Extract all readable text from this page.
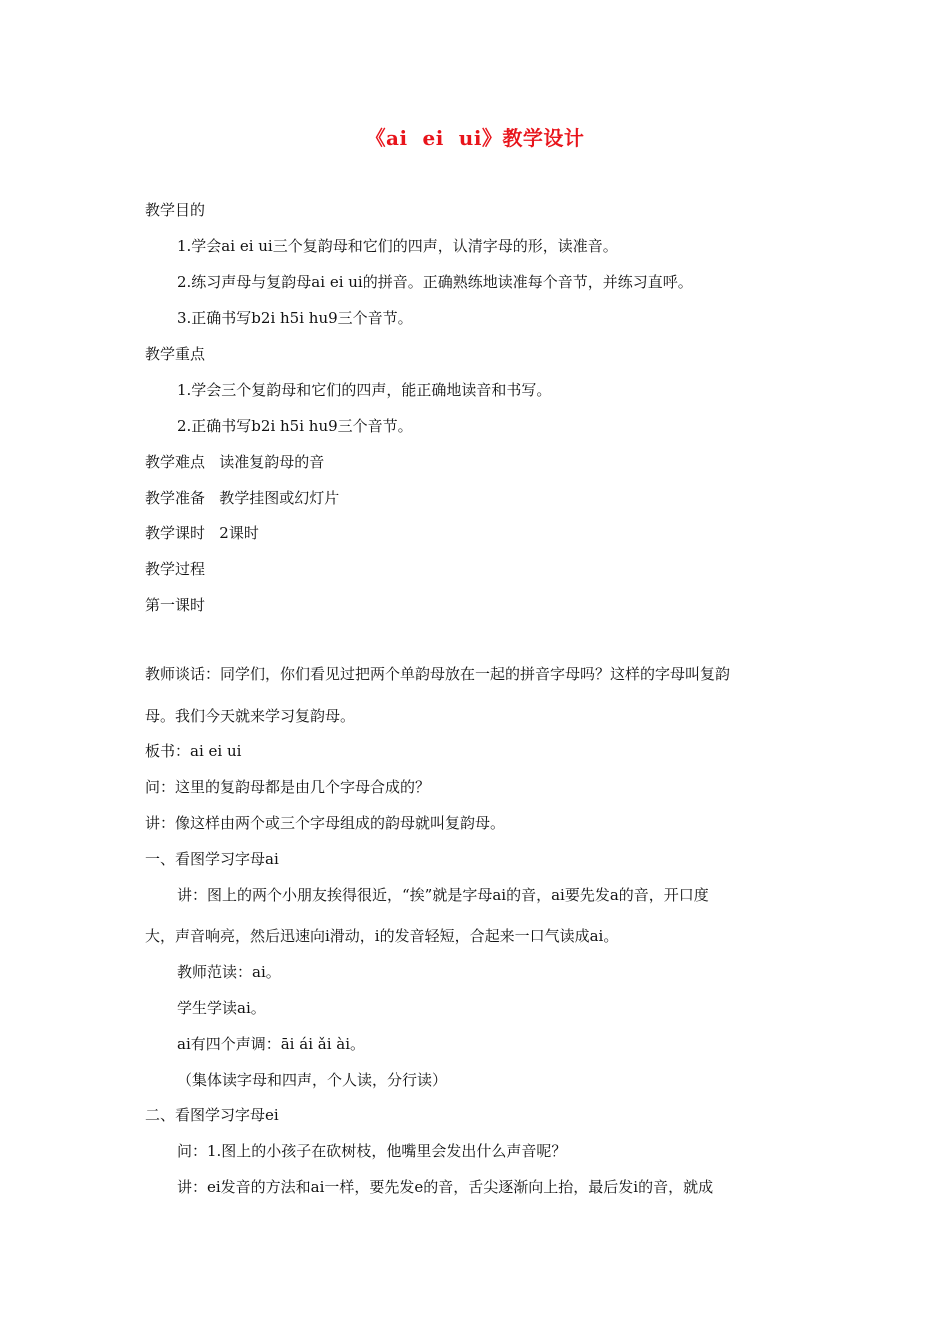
《ai  ei  ui》教学设计
教学目的
1.学会ai ei ui三个复韵母和它们的四声，认清字母的形，读准音。
2.练习声母与复韵母ai ei ui的拼音。正确熟练地读准每个音节，并练习直呼。
3.正确书写b2i h5i hu9三个音节。
教学重点
1.学会三个复韵母和它们的四声，能正确地读音和书写。
2.正确书写b2i h5i hu9三个音节。
教学难点   读准复韵母的音
教学准备   教学挂图或幻灯片
教学课时   2课时
教学过程
第一课时
教师谈话：同学们，你们看见过把两个单韵母放在一起的拼音字母吗？这样的字母叫复韵
母。我们今天就来学习复韵母。
板书：ai ei ui
问：这里的复韵母都是由几个字母合成的？
讲：像这样由两个或三个字母组成的韵母就叫复韵母。
一、看图学习字母ai
讲：图上的两个小朋友挨得很近，“挨”就是字母ai的音，ai要先发a的音，开口度
大，声音响亮，然后迅速向i滑动，i的发音轻短，合起来一口气读成ai。
教师范读：ai。
学生学读ai。
ai有四个声调：āi ái ǎi ài。
（集体读字母和四声，个人读，分行读）
二、看图学习字母ei
问：1.图上的小孩子在砍树枝，他嘴里会发出什么声音呢？
讲：ei发音的方法和ai一样，要先发e的音，舌尖逐渐向上抬，最后发i的音，就成
